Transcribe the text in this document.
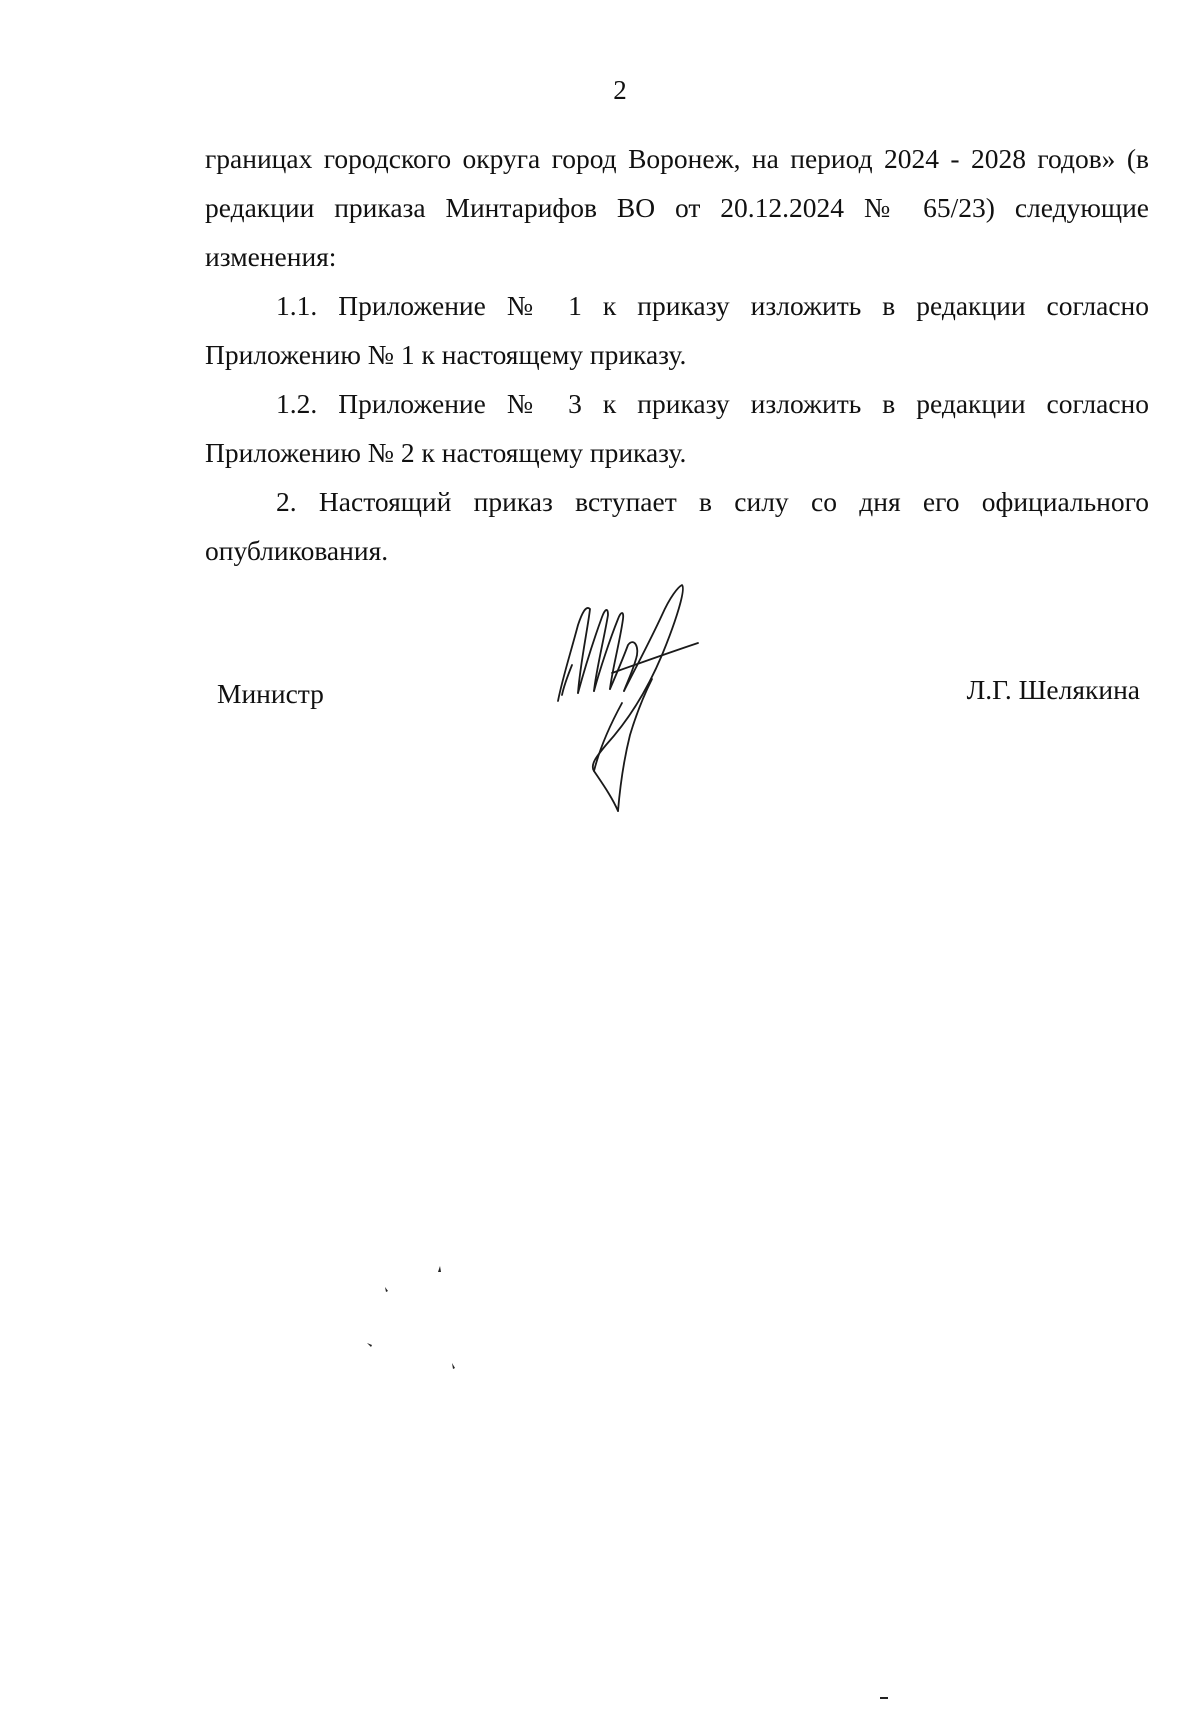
2

границах городского округа город Воронеж, на период 2024 - 2028 годов» (в редакции приказа Минтарифов ВО от 20.12.2024 № 65/23) следующие изменения:

1.1. Приложение № 1 к приказу изложить в редакции согласно Приложению № 1 к настоящему приказу.

1.2. Приложение № 3 к приказу изложить в редакции согласно Приложению № 2 к настоящему приказу.

2. Настоящий приказ вступает в силу со дня его официального опубликования.

Министр	Л.Г. Шелякина
